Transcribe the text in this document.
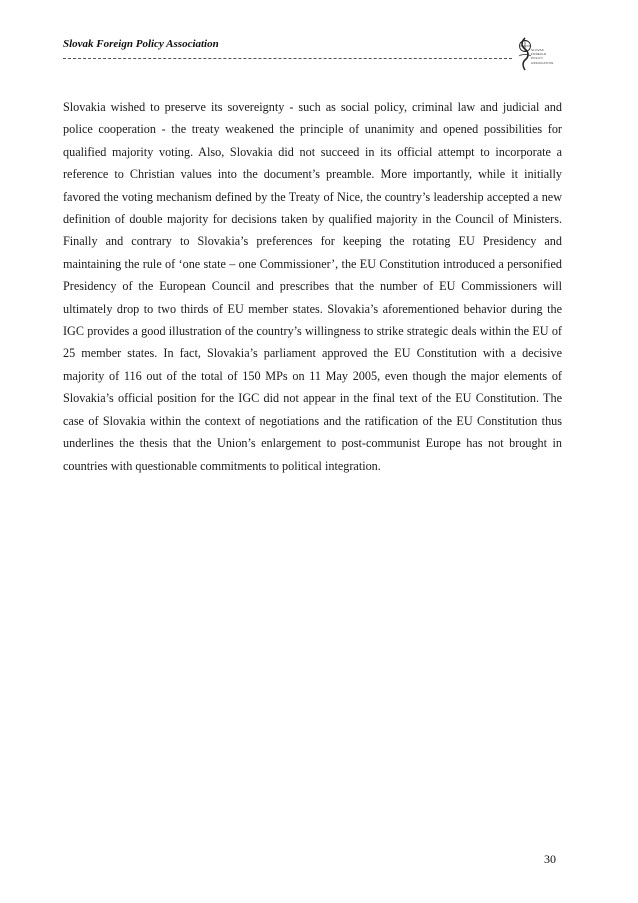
Slovak Foreign Policy Association	SLOVAK
FOREIGN
POLICY
ASSOCIATION

Slovakia wished to preserve its sovereignty - such as social policy, criminal law and judicial and police cooperation - the treaty weakened the principle of unanimity and opened possibilities for qualified majority voting. Also, Slovakia did not succeed in its official attempt to incorporate a reference to Christian values into the document’s preamble. More importantly, while it initially favored the voting mechanism defined by the Treaty of Nice, the country’s leadership accepted a new definition of double majority for decisions taken by qualified majority in the Council of Ministers. Finally and contrary to Slovakia’s preferences for keeping the rotating EU Presidency and maintaining the rule of ‘one state – one Commissioner’, the EU Constitution introduced a personified Presidency of the European Council and prescribes that the number of EU Commissioners will ultimately drop to two thirds of EU member states. Slovakia’s aforementioned behavior during the IGC provides a good illustration of the country’s willingness to strike strategic deals within the EU of 25 member states. In fact, Slovakia’s parliament approved the EU Constitution with a decisive majority of 116 out of the total of 150 MPs on 11 May 2005, even though the major elements of Slovakia’s official position for the IGC did not appear in the final text of the EU Constitution. The case of Slovakia within the context of negotiations and the ratification of the EU Constitution thus underlines the thesis that the Union’s enlargement to post-communist Europe has not brought in countries with questionable commitments to political integration.

30
